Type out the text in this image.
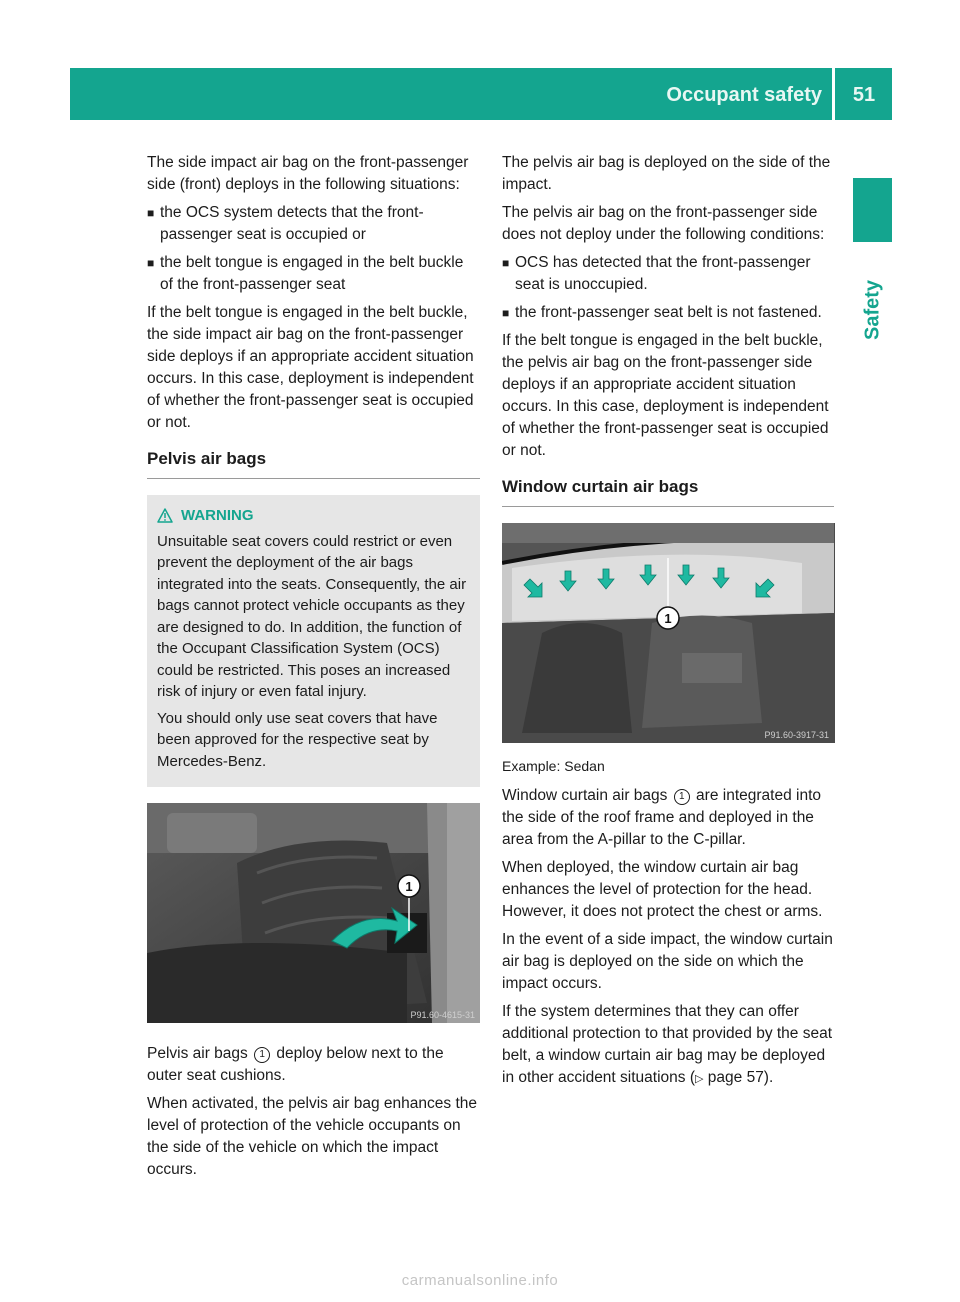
Occupant safety	51
Safety

The side impact air bag on the front-passenger side (front) deploys in the following situations:

■ the OCS system detects that the front-passenger seat is occupied or
■ the belt tongue is engaged in the belt buckle of the front-passenger seat

If the belt tongue is engaged in the belt buckle, the side impact air bag on the front-passenger side deploys if an appropriate accident situation occurs. In this case, deployment is independent of whether the front-passenger seat is occupied or not.

Pelvis air bags
WARNING

Unsuitable seat covers could restrict or even prevent the deployment of the air bags integrated into the seats. Consequently, the air bags cannot protect vehicle occupants as they are designed to do. In addition, the function of the Occupant Classification System (OCS) could be restricted. This poses an increased risk of injury or even fatal injury.

You should only use seat covers that have been approved for the respective seat by Mercedes-Benz.

1
P91.60-4615-31

Pelvis air bags 1 deploy below next to the outer seat cushions.

When activated, the pelvis air bag enhances the level of protection of the vehicle occupants on the side of the vehicle on which the impact occurs.

The pelvis air bag is deployed on the side of the impact.

The pelvis air bag on the front-passenger side does not deploy under the following conditions:

■ OCS has detected that the front-passenger seat is unoccupied.
■ the front-passenger seat belt is not fastened.

If the belt tongue is engaged in the belt buckle, the pelvis air bag on the front-passenger side deploys if an appropriate accident situation occurs. In this case, deployment is independent of whether the front-passenger seat is occupied or not.

Window curtain air bags
1
P91.60-3917-31

Example: Sedan

Window curtain air bags 1 are integrated into the side of the roof frame and deployed in the area from the A-pillar to the C-pillar.

When deployed, the window curtain air bag enhances the level of protection for the head. However, it does not protect the chest or arms.

In the event of a side impact, the window curtain air bag is deployed on the side on which the impact occurs.

If the system determines that they can offer additional protection to that provided by the seat belt, a window curtain air bag may be deployed in other accident situations (▷ page 57).

carmanualsonline.info
